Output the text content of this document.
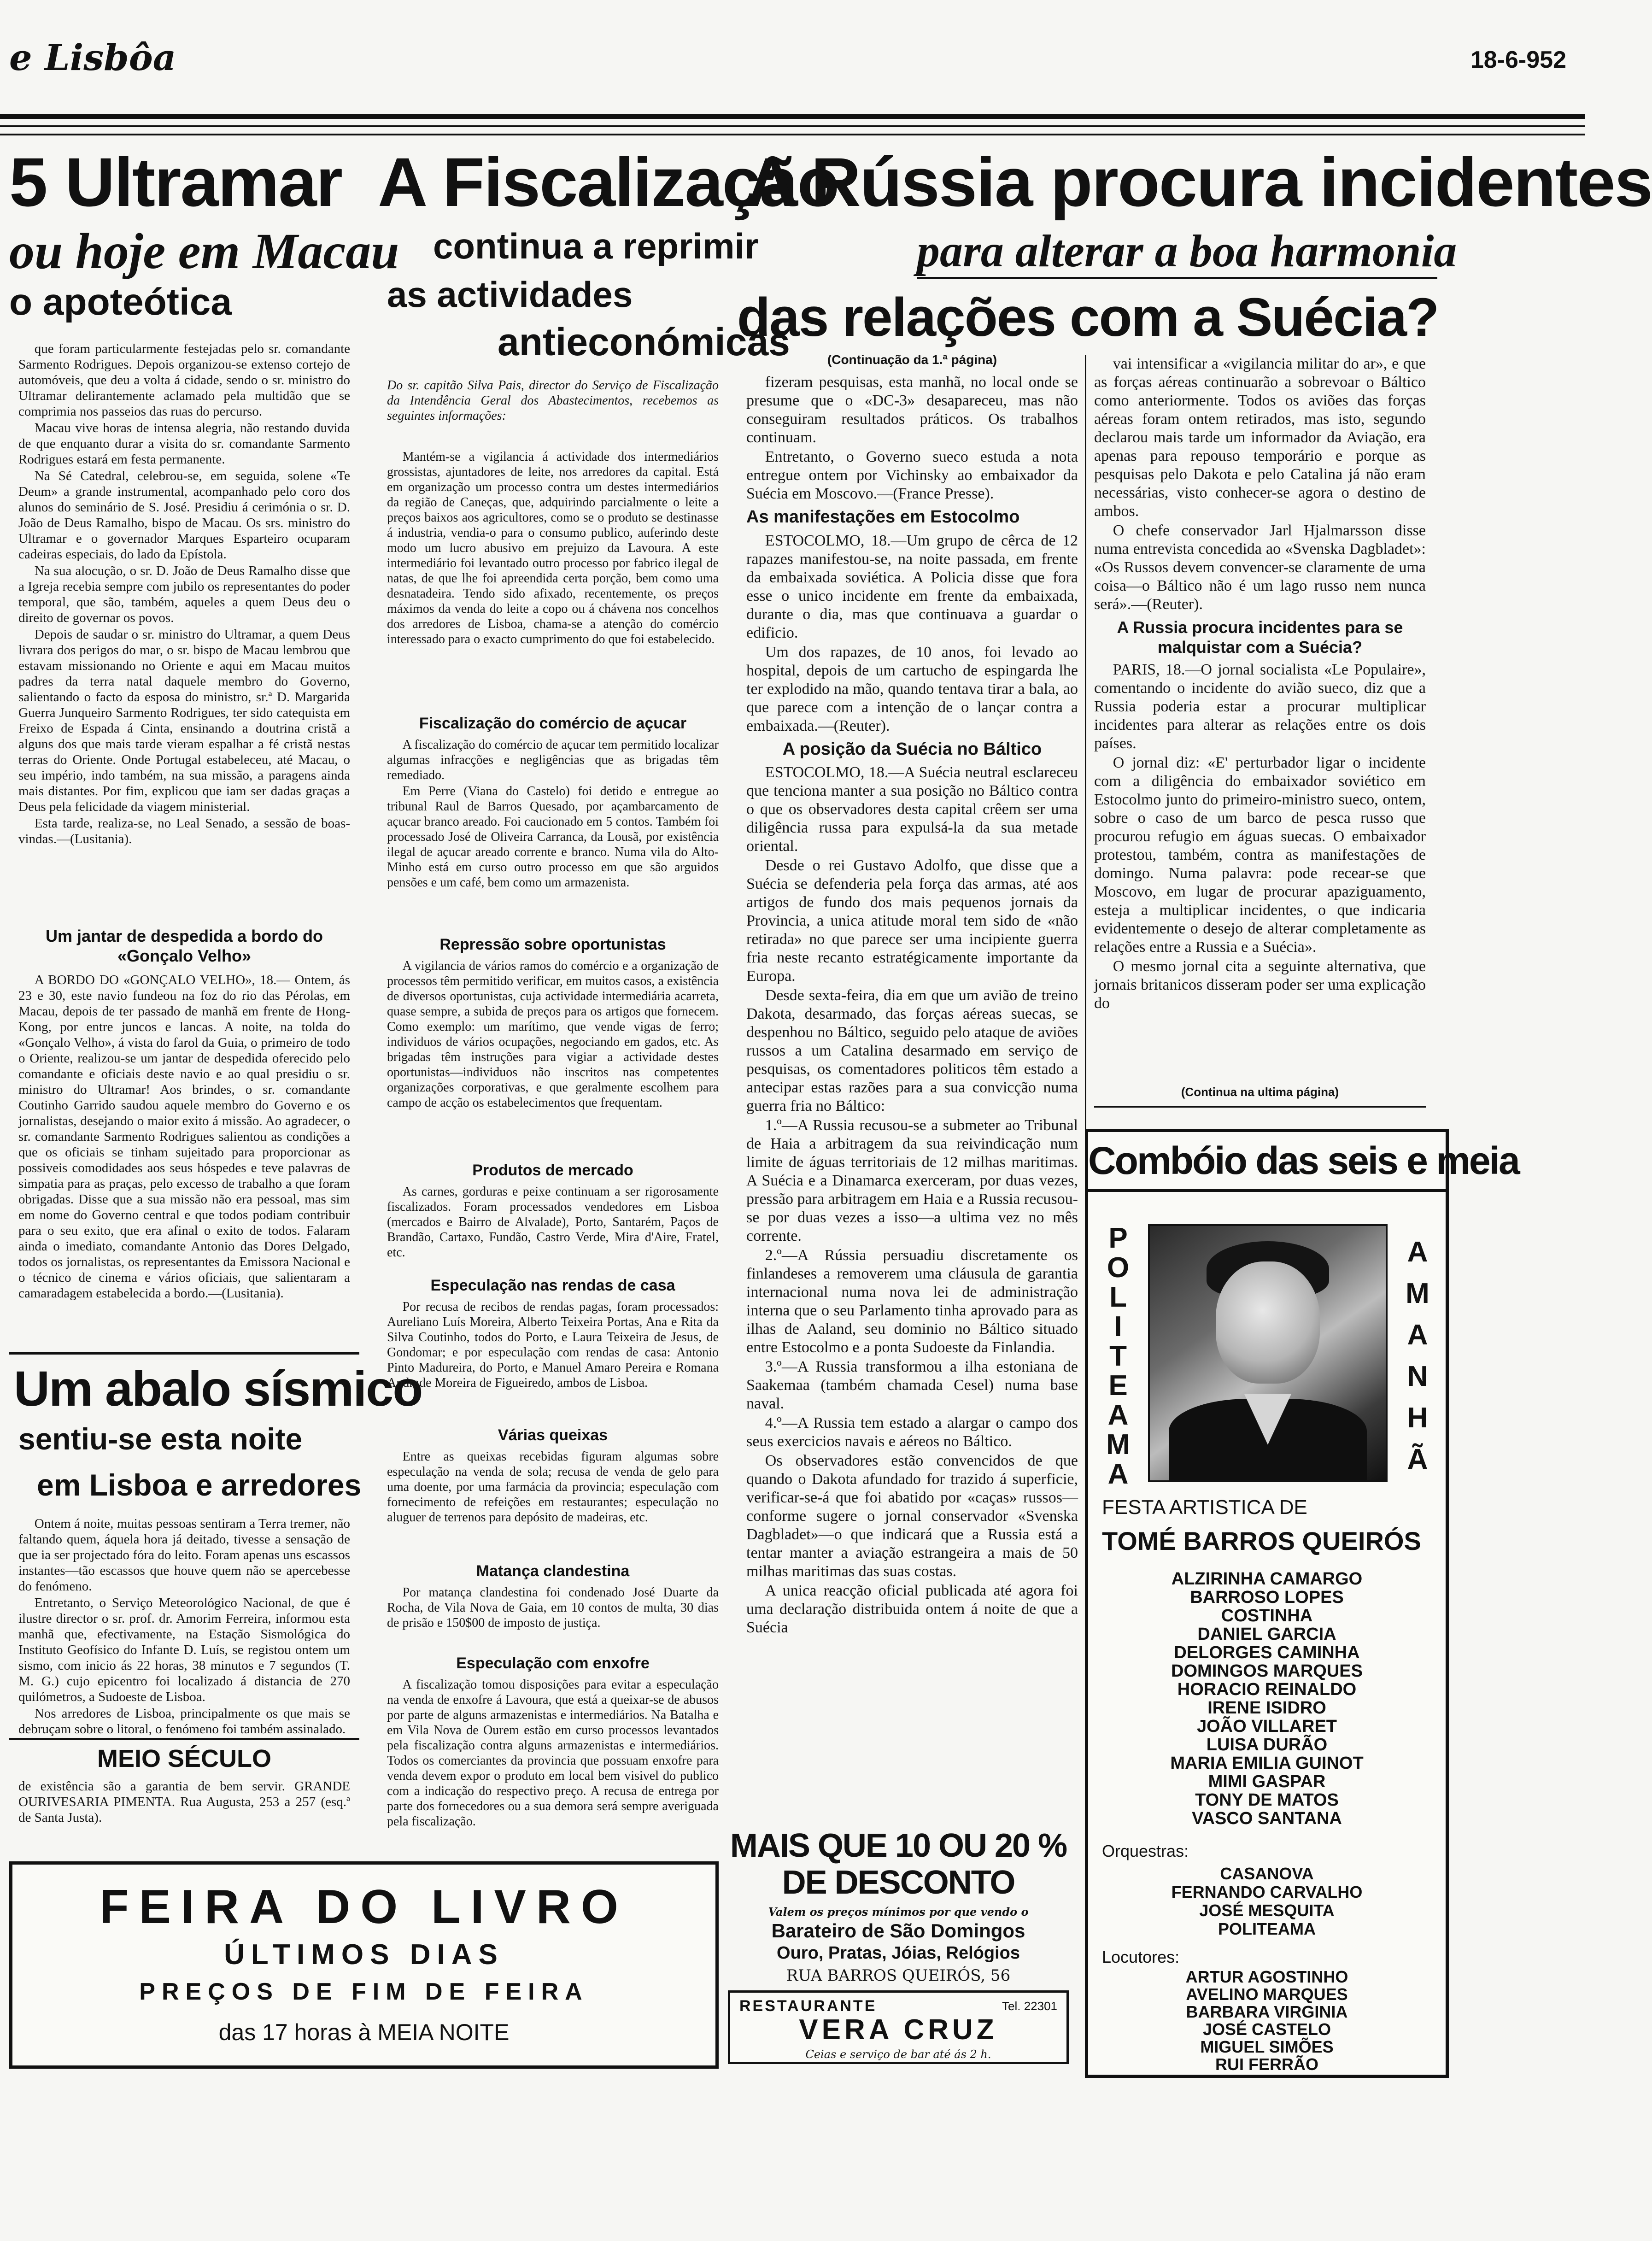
e Lisbôa	18-6-952
5 Ultramar
ou hoje em Macau
o apoteótica

que foram particularmente festejadas pelo sr. comandante Sarmento Rodrigues. Depois organizou-se extenso cortejo de automóveis, que deu a volta á cidade, sendo o sr. ministro do Ultramar delirantemente aclamado pela multidão que se comprimia nos passeios das ruas do percurso.

Macau vive horas de intensa alegria, não restando duvida de que enquanto durar a visita do sr. comandante Sarmento Rodrigues estará em festa permanente.

Na Sé Catedral, celebrou-se, em seguida, solene «Te Deum» a grande instrumental, acompanhado pelo coro dos alunos do seminário de S. José. Presidiu á cerimónia o sr. D. João de Deus Ramalho, bispo de Macau. Os srs. ministro do Ultramar e o governador Marques Esparteiro ocuparam cadeiras especiais, do lado da Epístola.

Na sua alocução, o sr. D. João de Deus Ramalho disse que a Igreja recebia sempre com jubilo os representantes do poder temporal, que são, também, aqueles a quem Deus deu o direito de governar os povos.

Depois de saudar o sr. ministro do Ultramar, a quem Deus livrara dos perigos do mar, o sr. bispo de Macau lembrou que estavam missionando no Oriente e aqui em Macau muitos padres da terra natal daquele membro do Governo, salientando o facto da esposa do ministro, sr.ª D. Margarida Guerra Junqueiro Sarmento Rodrigues, ter sido catequista em Freixo de Espada á Cinta, ensinando a doutrina cristã a alguns dos que mais tarde vieram espalhar a fé cristã nestas terras do Oriente. Onde Portugal estabeleceu, até Macau, o seu império, indo também, na sua missão, a paragens ainda mais distantes. Por fim, explicou que iam ser dadas graças a Deus pela felicidade da viagem ministerial.

Esta tarde, realiza-se, no Leal Senado, a sessão de boas-vindas.—(Lusitania).

Um jantar de despedida a bordo do «Gonçalo Velho»

A BORDO DO «GONÇALO VELHO», 18.— Ontem, ás 23 e 30, este navio fundeou na foz do rio das Pérolas, em Macau, depois de ter passado de manhã em frente de Hong-Kong, por entre juncos e lancas. A noite, na tolda do «Gonçalo Velho», á vista do farol da Guia, o primeiro de todo o Oriente, realizou-se um jantar de despedida oferecido pelo comandante e oficiais deste navio e ao qual presidiu o sr. ministro do Ultramar! Aos brindes, o sr. comandante Coutinho Garrido saudou aquele membro do Governo e os jornalistas, desejando o maior exito á missão. Ao agradecer, o sr. comandante Sarmento Rodrigues salientou as condições a que os oficiais se tinham sujeitado para proporcionar as possiveis comodidades aos seus hóspedes e teve palavras de simpatia para as praças, pelo excesso de trabalho a que foram obrigadas. Disse que a sua missão não era pessoal, mas sim em nome do Governo central e que todos podiam contribuir para o seu exito, que era afinal o exito de todos. Falaram ainda o imediato, comandante Antonio das Dores Delgado, todos os jornalistas, os representantes da Emissora Nacional e o técnico de cinema e vários oficiais, que salientaram a camaradagem estabelecida a bordo.—(Lusitania).

Um abalo sísmico
sentiu-se esta noite
em Lisboa e arredores

Ontem á noite, muitas pessoas sentiram a Terra tremer, não faltando quem, áquela hora já deitado, tivesse a sensação de que ia ser projectado fóra do leito. Foram apenas uns escassos instantes—tão escassos que houve quem não se apercebesse do fenómeno.

Entretanto, o Serviço Meteorológico Nacional, de que é ilustre director o sr. prof. dr. Amorim Ferreira, informou esta manhã que, efectivamente, na Estação Sismológica do Instituto Geofísico do Infante D. Luís, se registou ontem um sismo, com inicio ás 22 horas, 38 minutos e 7 segundos (T. M. G.) cujo epicentro foi localizado á distancia de 270 quilómetros, a Sudoeste de Lisboa.

Nos arredores de Lisboa, principalmente os que mais se debruçam sobre o litoral, o fenómeno foi também assinalado.

MEIO SÉCULO
de existência são a garantia de bem servir. GRANDE OURIVESARIA PIMENTA. Rua Augusta, 253 a 257 (esq.ª de Santa Justa).
A Fiscalização
continua a reprimir
as actividades
antieconómicas
Do sr. capitão Silva Pais, director do Serviço de Fiscalização da Intendência Geral dos Abastecimentos, recebemos as seguintes informações:

Mantém-se a vigilancia á actividade dos intermediários grossistas, ajuntadores de leite, nos arredores da capital. Está em organização um processo contra um destes intermediários da região de Caneças, que, adquirindo parcialmente o leite a preços baixos aos agricultores, como se o produto se destinasse á industria, vendia-o para o consumo publico, auferindo deste modo um lucro abusivo em prejuizo da Lavoura. A este intermediário foi levantado outro processo por fabrico ilegal de natas, de que lhe foi apreendida certa porção, bem como uma desnatadeira. Tendo sido afixado, recentemente, os preços máximos da venda do leite a copo ou á chávena nos concelhos dos arredores de Lisboa, chama-se a atenção do comércio interessado para o exacto cumprimento do que foi estabelecido.

Fiscalização do comércio de açucar

A fiscalização do comércio de açucar tem permitido localizar algumas infracções e negligências que as brigadas têm remediado.

Em Perre (Viana do Castelo) foi detido e entregue ao tribunal Raul de Barros Quesado, por açambarcamento de açucar branco areado. Foi caucionado em 5 contos. Também foi processado José de Oliveira Carranca, da Lousã, por existência ilegal de açucar areado corrente e branco. Numa vila do Alto-Minho está em curso outro processo em que são arguidos pensões e um café, bem como um armazenista.

Repressão sobre oportunistas

A vigilancia de vários ramos do comércio e a organização de processos têm permitido verificar, em muitos casos, a existência de diversos oportunistas, cuja actividade intermediária acarreta, quase sempre, a subida de preços para os artigos que fornecem. Como exemplo: um marítimo, que vende vigas de ferro; individuos de vários ocupações, negociando em gados, etc. As brigadas têm instruções para vigiar a actividade destes oportunistas—individuos não inscritos nas competentes organizações corporativas, e que geralmente escolhem para campo de acção os estabelecimentos que frequentam.

Produtos de mercado

As carnes, gorduras e peixe continuam a ser rigorosamente fiscalizados. Foram processados vendedores em Lisboa (mercados e Bairro de Alvalade), Porto, Santarém, Paços de Brandão, Cartaxo, Fundão, Castro Verde, Mira d'Aire, Fratel, etc.

Especulação nas rendas de casa

Por recusa de recibos de rendas pagas, foram processados: Aureliano Luís Moreira, Alberto Teixeira Portas, Ana e Rita da Silva Coutinho, todos do Porto, e Laura Teixeira de Jesus, de Gondomar; e por especulação com rendas de casa: Antonio Pinto Madureira, do Porto, e Manuel Amaro Pereira e Romana Andrade Moreira de Figueiredo, ambos de Lisboa.

Várias queixas

Entre as queixas recebidas figuram algumas sobre especulação na venda de sola; recusa de venda de gelo para uma doente, por uma farmácia da provincia; especulação com fornecimento de refeições em restaurantes; especulação no aluguer de terrenos para depósito de madeiras, etc.

Matança clandestina

Por matança clandestina foi condenado José Duarte da Rocha, de Vila Nova de Gaia, em 10 contos de multa, 30 dias de prisão e 150$00 de imposto de justiça.

Especulação com enxofre

A fiscalização tomou disposições para evitar a especulação na venda de enxofre á Lavoura, que está a queixar-se de abusos por parte de alguns armazenistas e intermediários. Na Batalha e em Vila Nova de Ourem estão em curso processos levantados pela fiscalização contra alguns armazenistas e intermediários. Todos os comerciantes da provincia que possuam enxofre para venda devem expor o produto em local bem visivel do publico com a indicação do respectivo preço. A recusa de entrega por parte dos fornecedores ou a sua demora será sempre averiguada pela fiscalização.

FEIRA DO LIVRO
ÚLTIMOS DIAS
PREÇOS DE FIM DE FEIRA
das 17 horas à MEIA NOITE
A Rússia procura incidentes
para alterar a boa harmonia
das relações com a Suécia?
(Continuação da 1.ª página)

fizeram pesquisas, esta manhã, no local onde se presume que o «DC-3» desapareceu, mas não conseguiram resultados práticos. Os trabalhos continuam.

Entretanto, o Governo sueco estuda a nota entregue ontem por Vichinsky ao embaixador da Suécia em Moscovo.—(France Presse).

As manifestações em Estocolmo

ESTOCOLMO, 18.—Um grupo de cêrca de 12 rapazes manifestou-se, na noite passada, em frente da embaixada soviética. A Policia disse que fora esse o unico incidente em frente da embaixada, durante o dia, mas que continuava a guardar o edificio.

Um dos rapazes, de 10 anos, foi levado ao hospital, depois de um cartucho de espingarda lhe ter explodido na mão, quando tentava tirar a bala, ao que parece com a intenção de o lançar contra a embaixada.—(Reuter).

A posição da Suécia no Báltico

ESTOCOLMO, 18.—A Suécia neutral esclareceu que tenciona manter a sua posição no Báltico contra o que os observadores desta capital crêem ser uma diligência russa para expulsá-la da sua metade oriental.

Desde o rei Gustavo Adolfo, que disse que a Suécia se defenderia pela força das armas, até aos artigos de fundo dos mais pequenos jornais da Provincia, a unica atitude moral tem sido de «não retirada» no que parece ser uma incipiente guerra fria neste recanto estratégicamente importante da Europa.

Desde sexta-feira, dia em que um avião de treino Dakota, desarmado, das forças aéreas suecas, se despenhou no Báltico, seguido pelo ataque de aviões russos a um Catalina desarmado em serviço de pesquisas, os comentadores politicos têm estado a antecipar estas razões para a sua convicção numa guerra fria no Báltico:

1.º—A Russia recusou-se a submeter ao Tribunal de Haia a arbitragem da sua reivindicação num limite de águas territoriais de 12 milhas maritimas. A Suécia e a Dinamarca exerceram, por duas vezes, pressão para arbitragem em Haia e a Russia recusou-se por duas vezes a isso—a ultima vez no mês corrente.

2.º—A Rússia persuadiu discretamente os finlandeses a removerem uma cláusula de garantia internacional numa nova lei de administração interna que o seu Parlamento tinha aprovado para as ilhas de Aaland, seu dominio no Báltico situado entre Estocolmo e a ponta Sudoeste da Finlandia.

3.º—A Russia transformou a ilha estoniana de Saakemaa (também chamada Cesel) numa base naval.

4.º—A Russia tem estado a alargar o campo dos seus exercicios navais e aéreos no Báltico.

Os observadores estão convencidos de que quando o Dakota afundado for trazido á superficie, verificar-se-á que foi abatido por «caças» russos—conforme sugere o jornal conservador «Svenska Dagbladet»—o que indicará que a Russia está a tentar manter a aviação estrangeira a mais de 50 milhas maritimas das suas costas.

A unica reacção oficial publicada até agora foi uma declaração distribuida ontem á noite de que a Suécia

vai intensificar a «vigilancia militar do ar», e que as forças aéreas continuarão a sobrevoar o Báltico como anteriormente. Todos os aviões das forças aéreas foram ontem retirados, mas isto, segundo declarou mais tarde um informador da Aviação, era apenas para repouso temporário e porque as pesquisas pelo Dakota e pelo Catalina já não eram necessárias, visto conhecer-se agora o destino de ambos.

O chefe conservador Jarl Hjalmarsson disse numa entrevista concedida ao «Svenska Dagbladet»: «Os Russos devem convencer-se claramente de uma coisa—o Báltico não é um lago russo nem nunca será».—(Reuter).

A Russia procura incidentes para se malquistar com a Suécia?

PARIS, 18.—O jornal socialista «Le Populaire», comentando o incidente do avião sueco, diz que a Russia poderia estar a procurar multiplicar incidentes para alterar as relações entre os dois países.

O jornal diz: «E' perturbador ligar o incidente com a diligência do embaixador soviético em Estocolmo junto do primeiro-ministro sueco, ontem, sobre o caso de um barco de pesca russo que procurou refugio em águas suecas. O embaixador protestou, também, contra as manifestações de domingo. Numa palavra: pode recear-se que Moscovo, em lugar de procurar apaziguamento, esteja a multiplicar incidentes, o que indicaria evidentemente o desejo de alterar completamente as relações entre a Russia e a Suécia».

O mesmo jornal cita a seguinte alternativa, que jornais britanicos disseram poder ser uma explicação do

(Continua na ultima página)
Combóio das seis e meia
P
O
L
I
T
E
A
M
A
A
M
A
N
H
Ã
FESTA ARTISTICA DE
TOMÉ BARROS QUEIRÓS
ALZIRINHA CAMARGO
BARROSO LOPES
COSTINHA
DANIEL GARCIA
DELORGES CAMINHA
DOMINGOS MARQUES
HORACIO REINALDO
IRENE ISIDRO
JOÃO VILLARET
LUISA DURÃO
MARIA EMILIA GUINOT
MIMI GASPAR
TONY DE MATOS
VASCO SANTANA
Orquestras:
CASANOVA
FERNANDO CARVALHO
JOSÉ MESQUITA
POLITEAMA
Locutores:
ARTUR AGOSTINHO
AVELINO MARQUES
BARBARA VIRGINIA
JOSÉ CASTELO
MIGUEL SIMÕES
RUI FERRÃO
MAIS QUE 10 OU 20 %
DE DESCONTO
Valem os preços mínimos por que vendo o
Barateiro de São Domingos
Ouro, Pratas, Jóias, Relógios
RUA BARROS QUEIRÓS, 56
RESTAURANTE	Tel. 22301
VERA CRUZ
Ceias e serviço de bar até ás 2 h.
